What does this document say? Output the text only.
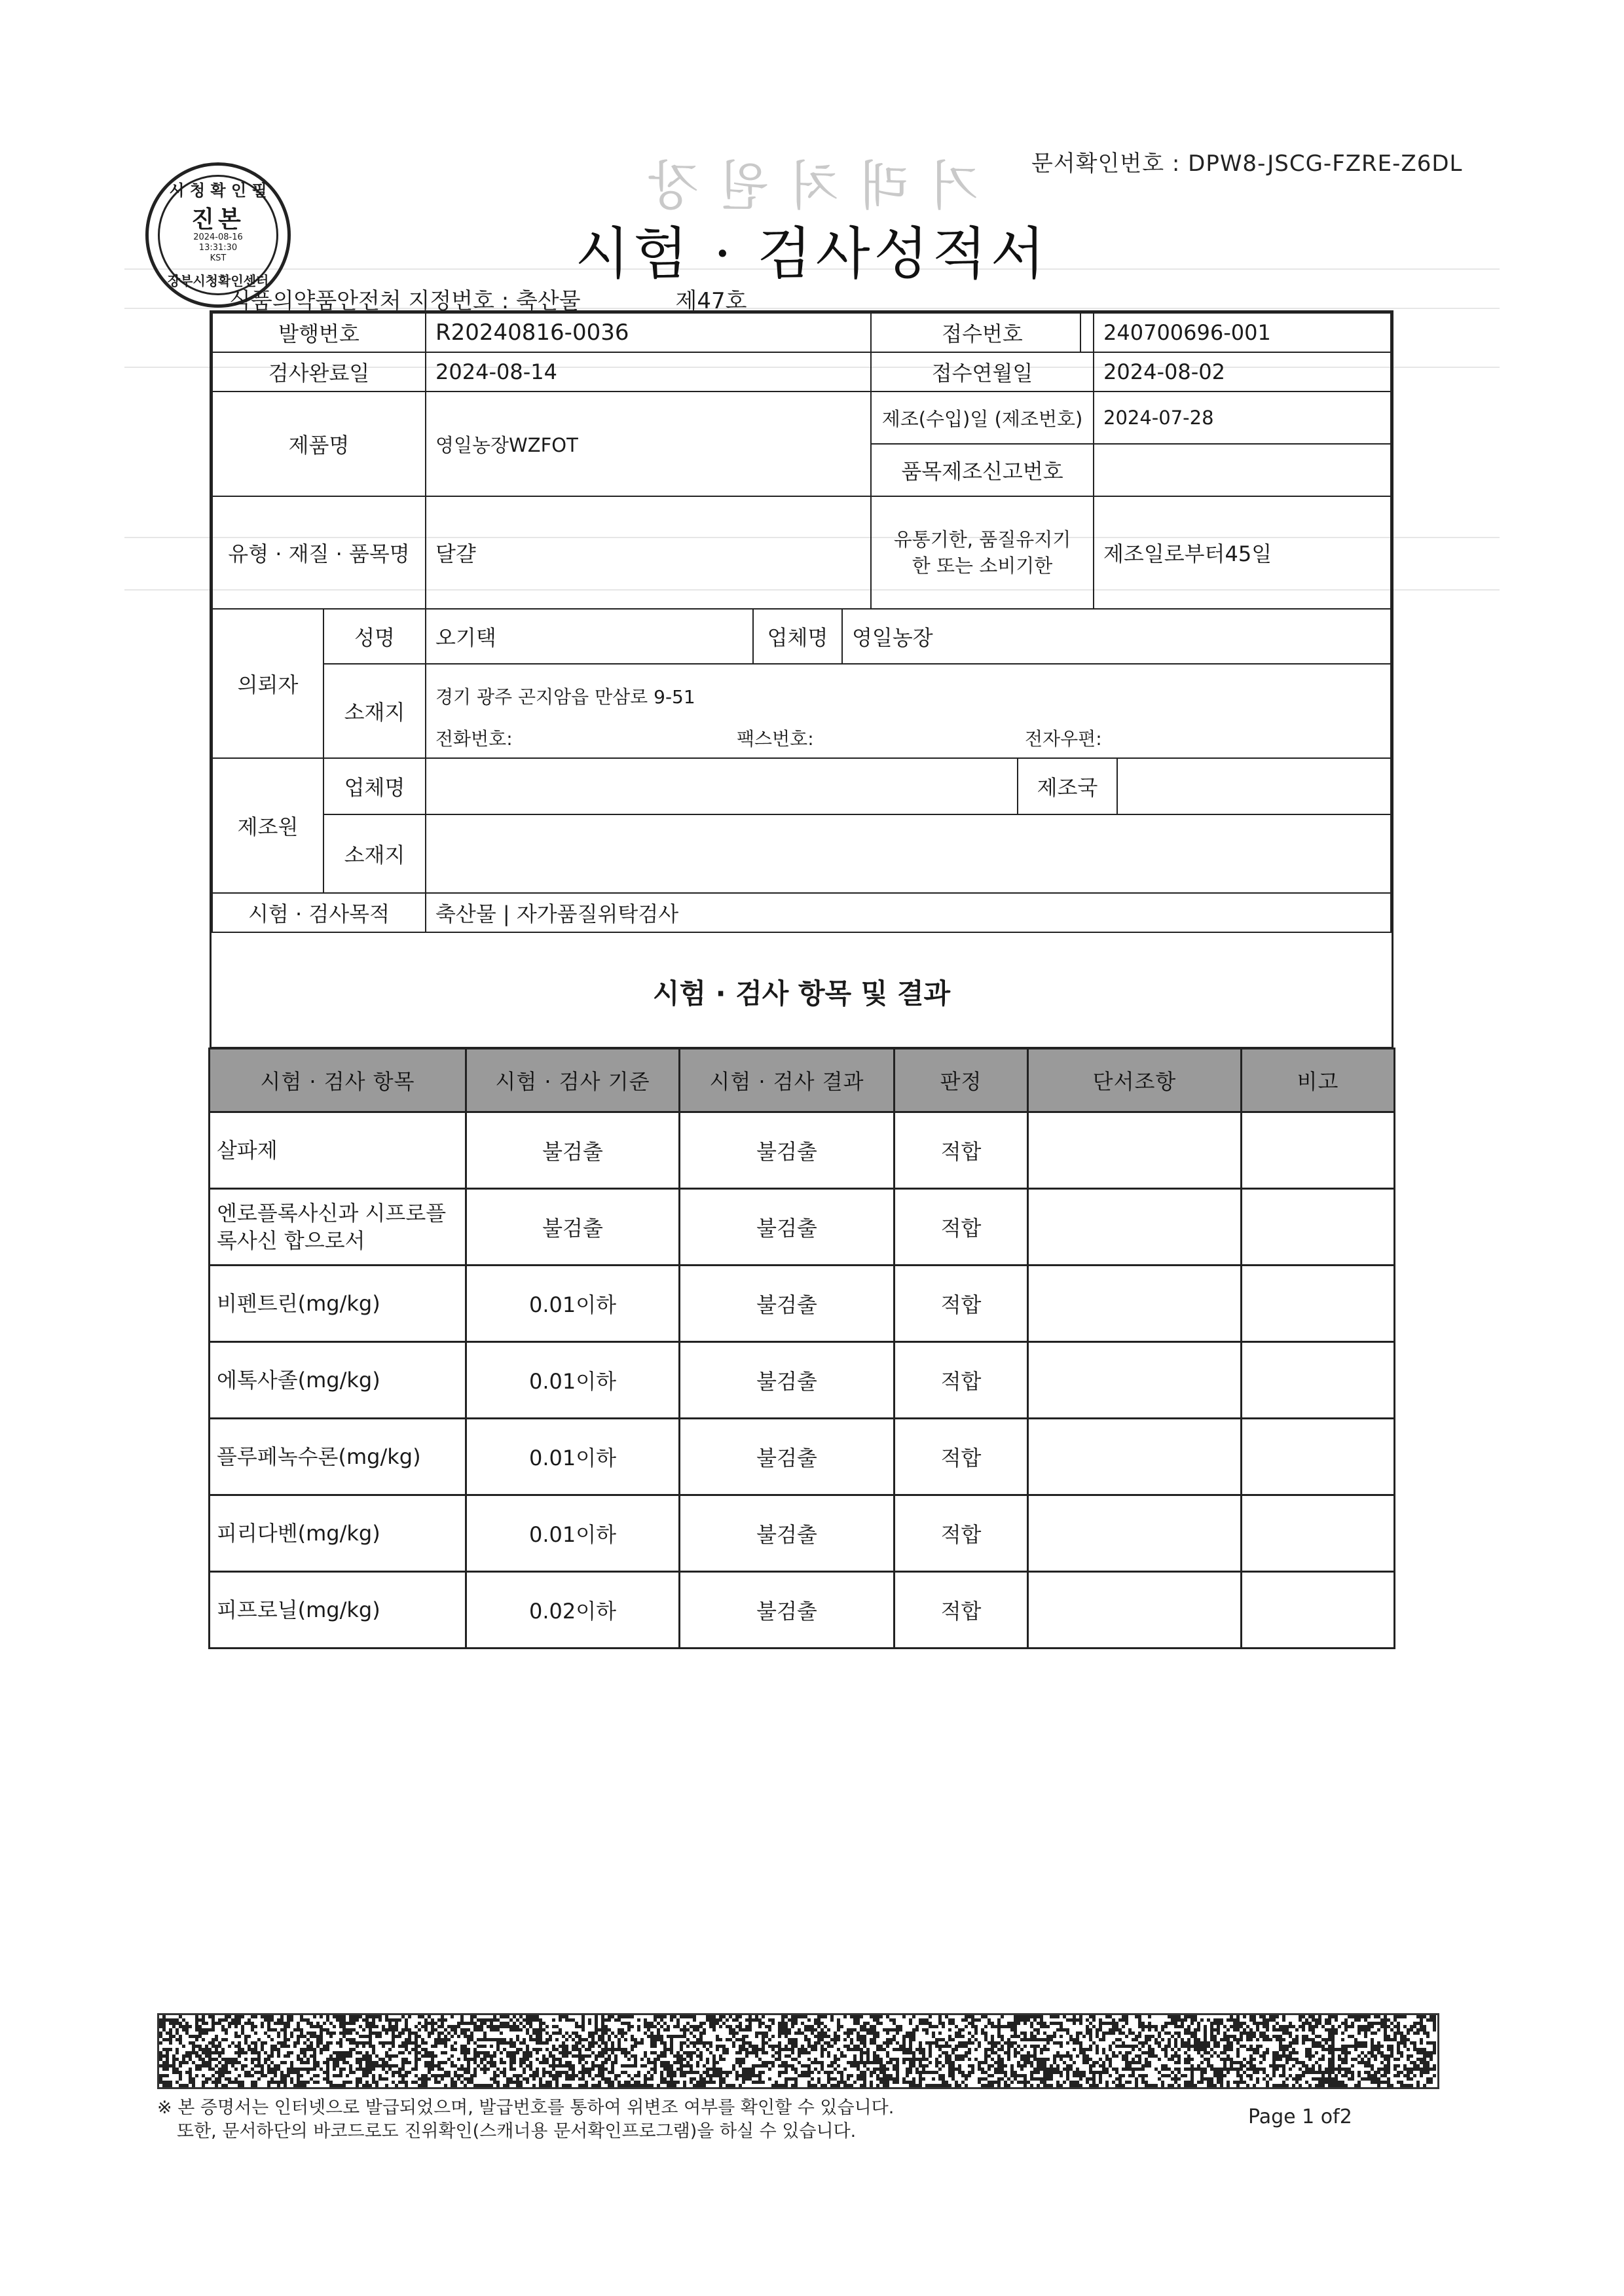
거래처원장 문서확인번호 : DPW8-JSCG-FZRE-Z6DL
시 청 확 인 필
진본
2024-08-16
13:31:30
KST
장부시청확인센터	시험 · 검사성적서
식품의약품안전처 지정번호 : 축산물	제47호
발행번호	R20240816-0036	접수번호	240700696-001
검사완료일	2024-08-14	접수연월일	2024-08-02
제품명	영일농장WZFOT
제조(수입)일 (제조번호)	2024-07-28
품목제조신고번호
유형 · 재질 · 품목명	달걀
유통기한, 품질유지기한 또는 소비기한	제조일로부터45일
의뢰자
성명	오기택	업체명	영일농장
소재지
경기 광주 곤지암읍 만삼로 9-51
전화번호:	팩스번호:	전자우편:
제조원
업체명	제조국
소재지
시험 · 검사목적	축산물 | 자가품질위탁검사
시험 · 검사 항목 및 결과
시험 · 검사 항목	시험 · 검사 기준	시험 · 검사 결과	판정	단서조항	비고
살파제	불검출	불검출	적합		
엔로플록사신과 시프로플록사신 합으로서	불검출	불검출	적합		
비펜트린(mg/kg)	0.01이하	불검출	적합		
에톡사졸(mg/kg)	0.01이하	불검출	적합		
플루페녹수론(mg/kg)	0.01이하	불검출	적합		
피리다벤(mg/kg)	0.01이하	불검출	적합		
피프로닐(mg/kg)	0.02이하	불검출	적합		
※ 본 증명서는 인터넷으로 발급되었으며, 발급번호를 통하여 위변조 여부를 확인할 수 있습니다.
또한, 문서하단의 바코드로도 진위확인(스캐너용 문서확인프로그램)을 하실 수 있습니다.
Page 1 of2
